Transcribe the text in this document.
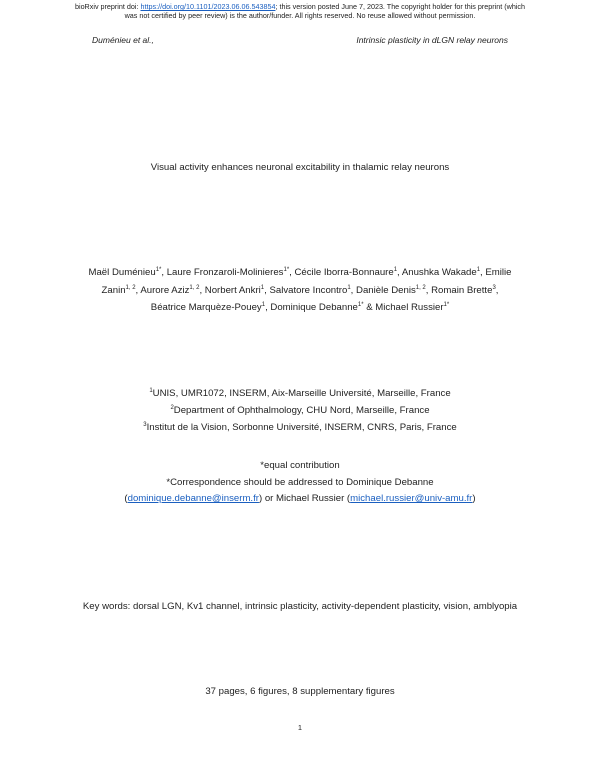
bioRxiv preprint doi: https://doi.org/10.1101/2023.06.06.543854; this version posted June 7, 2023. The copyright holder for this preprint (which
was not certified by peer review) is the author/funder. All rights reserved. No reuse allowed without permission.
Duménieu et al.,	Intrinsic plasticity in dLGN relay neurons
Visual activity enhances neuronal excitability in thalamic relay neurons
Maël Duménieu$^{1*}$, Laure Fronzaroli-Molinieres$^{1*}$, Cécile Iborra-Bonnaure$^1$, Anushka Wakade$^1$, Emilie Zanin$^{1, 2}$, Aurore Aziz$^{1, 2}$, Norbert Ankri$^1$, Salvatore Incontro$^1$, Danièle Denis$^{1, 2}$, Romain Brette$^3$, Béatrice Marquèze-Pouey$^1$, Dominique Debanne$^{1*}$ & Michael Russier$^{1*}$
$^1$UNIS, UMR1072, INSERM, Aix-Marseille Université, Marseille, France
$^2$Department of Ophthalmology, CHU Nord, Marseille, France
$^3$Institut de la Vision, Sorbonne Université, INSERM, CNRS, Paris, France
*equal contribution
*Correspondence should be addressed to Dominique Debanne
(dominique.debanne@inserm.fr) or Michael Russier (michael.russier@univ-amu.fr)
Key words: dorsal LGN, Kv1 channel, intrinsic plasticity, activity-dependent plasticity, vision, amblyopia
37 pages, 6 figures, 8 supplementary figures
1
